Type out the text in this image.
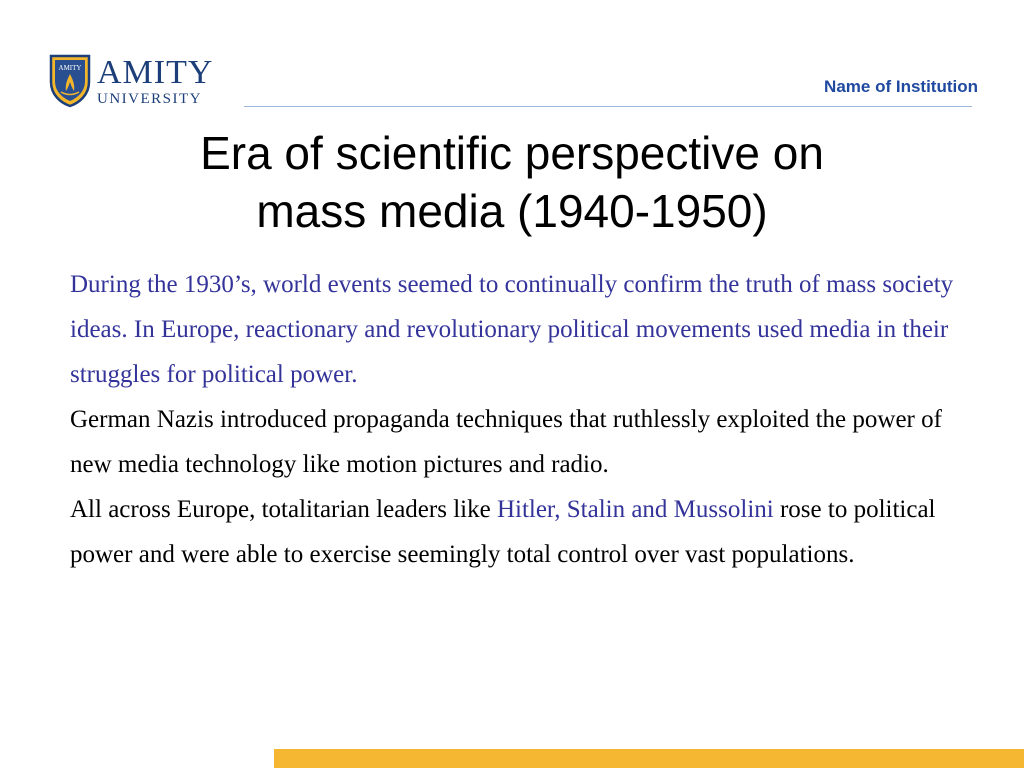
AMITY AMITY
UNIVERSITY
Name of Institution
Era of scientific perspective on
mass media (1940-1950)

During the 1930’s, world events seemed to continually confirm the truth of mass society ideas. In Europe, reactionary and revolutionary political movements used media in their struggles for political power.

German Nazis introduced propaganda techniques that ruthlessly exploited the power of new media technology like motion pictures and radio.

All across Europe, totalitarian leaders like Hitler, Stalin and Mussolini rose to political power and were able to exercise seemingly total control over vast populations.
